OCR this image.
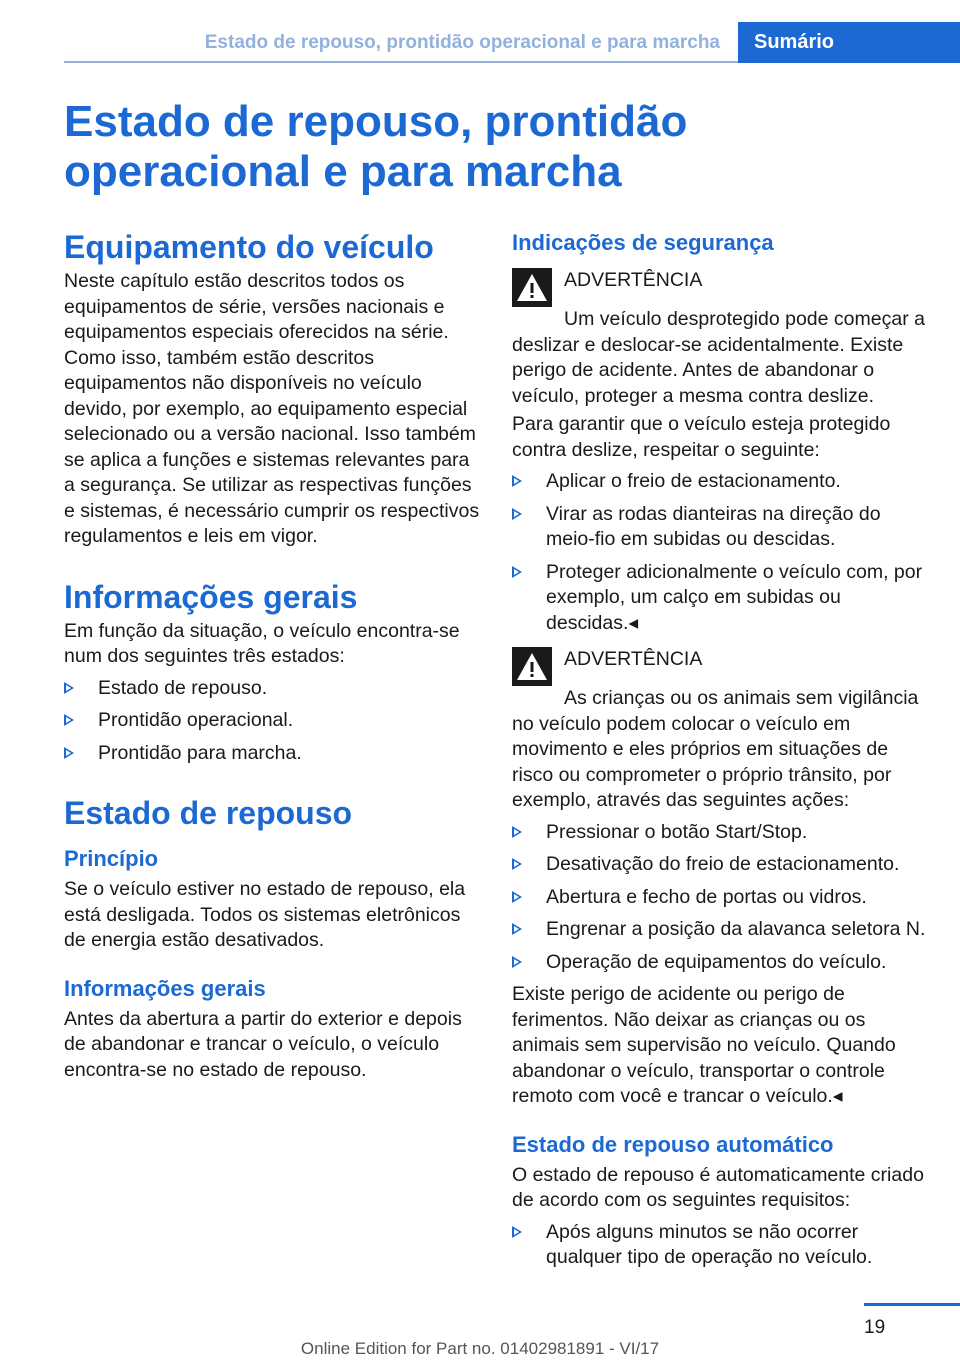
Estado de repouso, prontidão operacional e para marcha	Sumário
Estado de repouso, prontidão operacional e para marcha
Equipamento do veículo

Neste capítulo estão descritos todos os equipamentos de série, versões nacionais e equipamentos especiais oferecidos na série. Como isso, também estão descritos equipamentos não disponíveis no veículo devido, por exemplo, ao equipamento especial selecionado ou a versão nacional. Isso também se aplica a funções e sistemas relevantes para a segurança. Se utilizar as respectivas funções e sistemas, é necessário cumprir os respectivos regulamentos e leis em vigor.

Informações gerais

Em função da situação, o veículo encontra-se num dos seguintes três estados:

Estado de repouso.
Prontidão operacional.
Prontidão para marcha.
Estado de repouso
Princípio

Se o veículo estiver no estado de repouso, ela está desligada. Todos os sistemas eletrônicos de energia estão desativados.

Informações gerais

Antes da abertura a partir do exterior e depois de abandonar e trancar o veículo, o veículo encontra-se no estado de repouso.

Indicações de segurança
ADVERTÊNCIA

Um veículo desprotegido pode começar a deslizar e deslocar-se acidentalmente. Existe perigo de acidente. Antes de abandonar o veículo, proteger a mesma contra deslize.

Para garantir que o veículo esteja protegido contra deslize, respeitar o seguinte:

Aplicar o freio de estacionamento.
Virar as rodas dianteiras na direção do meio-fio em subidas ou descidas.
Proteger adicionalmente o veículo com, por exemplo, um calço em subidas ou descidas.◂
ADVERTÊNCIA

As crianças ou os animais sem vigilância no veículo podem colocar o veículo em movimento e eles próprios em situações de risco ou comprometer o próprio trânsito, por exemplo, através das seguintes ações:

Pressionar o botão Start/Stop.
Desativação do freio de estacionamento.
Abertura e fecho de portas ou vidros.
Engrenar a posição da alavanca seletora N.
Operação de equipamentos do veículo.

Existe perigo de acidente ou perigo de ferimentos. Não deixar as crianças ou os animais sem supervisão no veículo. Quando abandonar o veículo, transportar o controle remoto com você e trancar o veículo.◂

Estado de repouso automático

O estado de repouso é automaticamente criado de acordo com os seguintes requisitos:

Após alguns minutos se não ocorrer qualquer tipo de operação no veículo.
19
Online Edition for Part no. 01402981891 - VI/17
